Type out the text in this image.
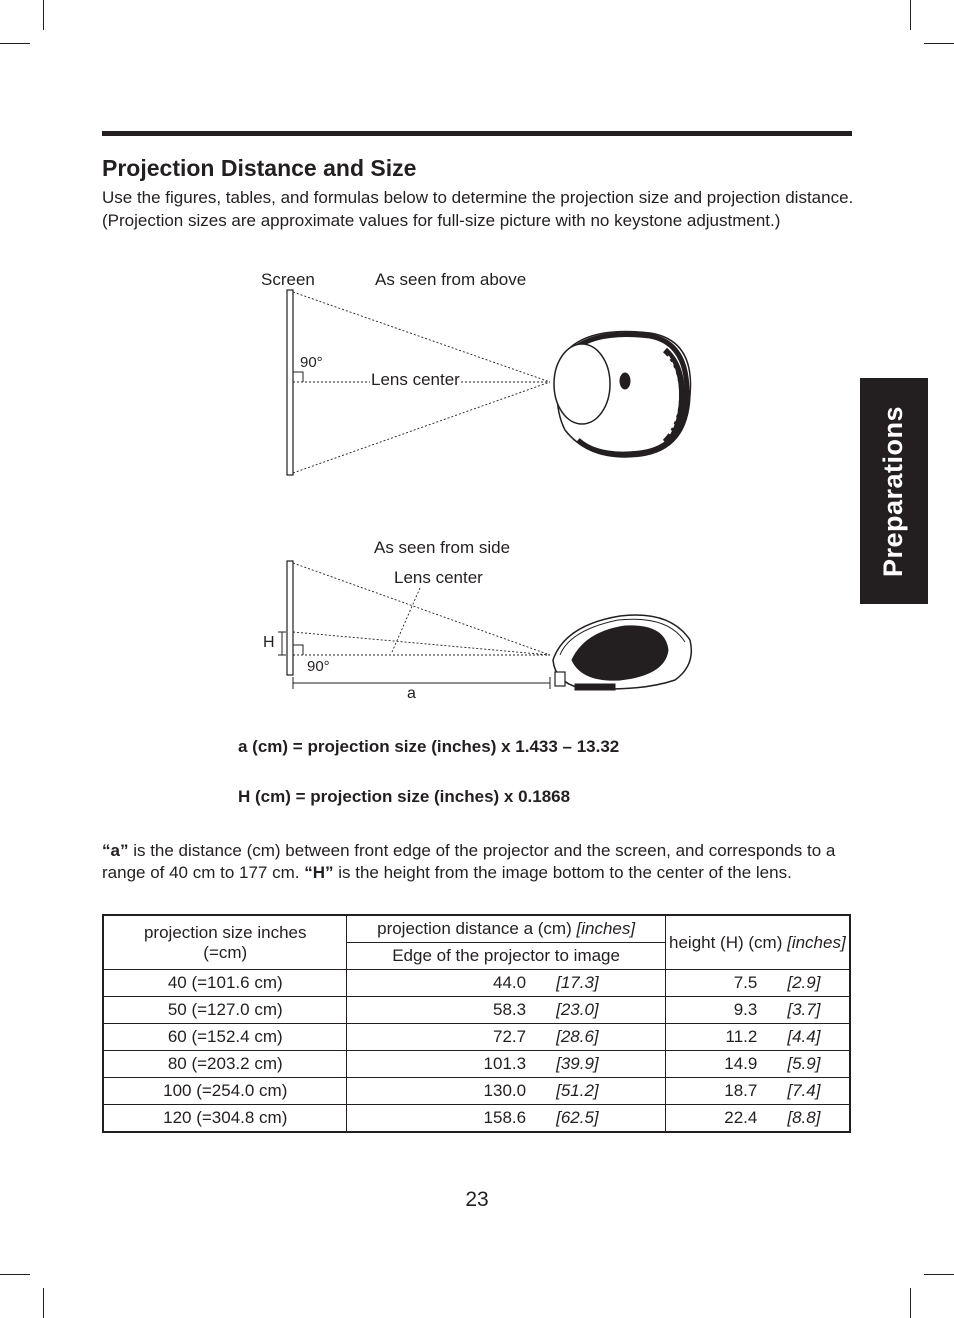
Projection Distance and Size

Use the figures, tables, and formulas below to determine the projection size and projection distance. (Projection sizes are approximate values for full-size picture with no keystone adjustment.)

Preparations
Screen	As seen from above
90°
Lens center
As seen from side
Lens center
H
90°
a
a (cm) = projection size (inches) x 1.433 – 13.32
H (cm) = projection size (inches) x 0.1868

“a” is the distance (cm) between front edge of the projector and the screen, and corresponds to a range of 40 cm to 177 cm. “H” is the height from the image bottom to the center of the lens.

projection size inches (=cm)	projection distance a (cm) [inches]	height (H) (cm) [inches]
	Edge of the projector to image	
40 (=101.6 cm)	44.0 [17.3]	7.5 [2.9]
50 (=127.0 cm)	58.3 [23.0]	9.3 [3.7]
60 (=152.4 cm)	72.7 [28.6]	11.2 [4.4]
80 (=203.2 cm)	101.3 [39.9]	14.9 [5.9]
100 (=254.0 cm)	130.0 [51.2]	18.7 [7.4]
120 (=304.8 cm)	158.6 [62.5]	22.4 [8.8]
23
